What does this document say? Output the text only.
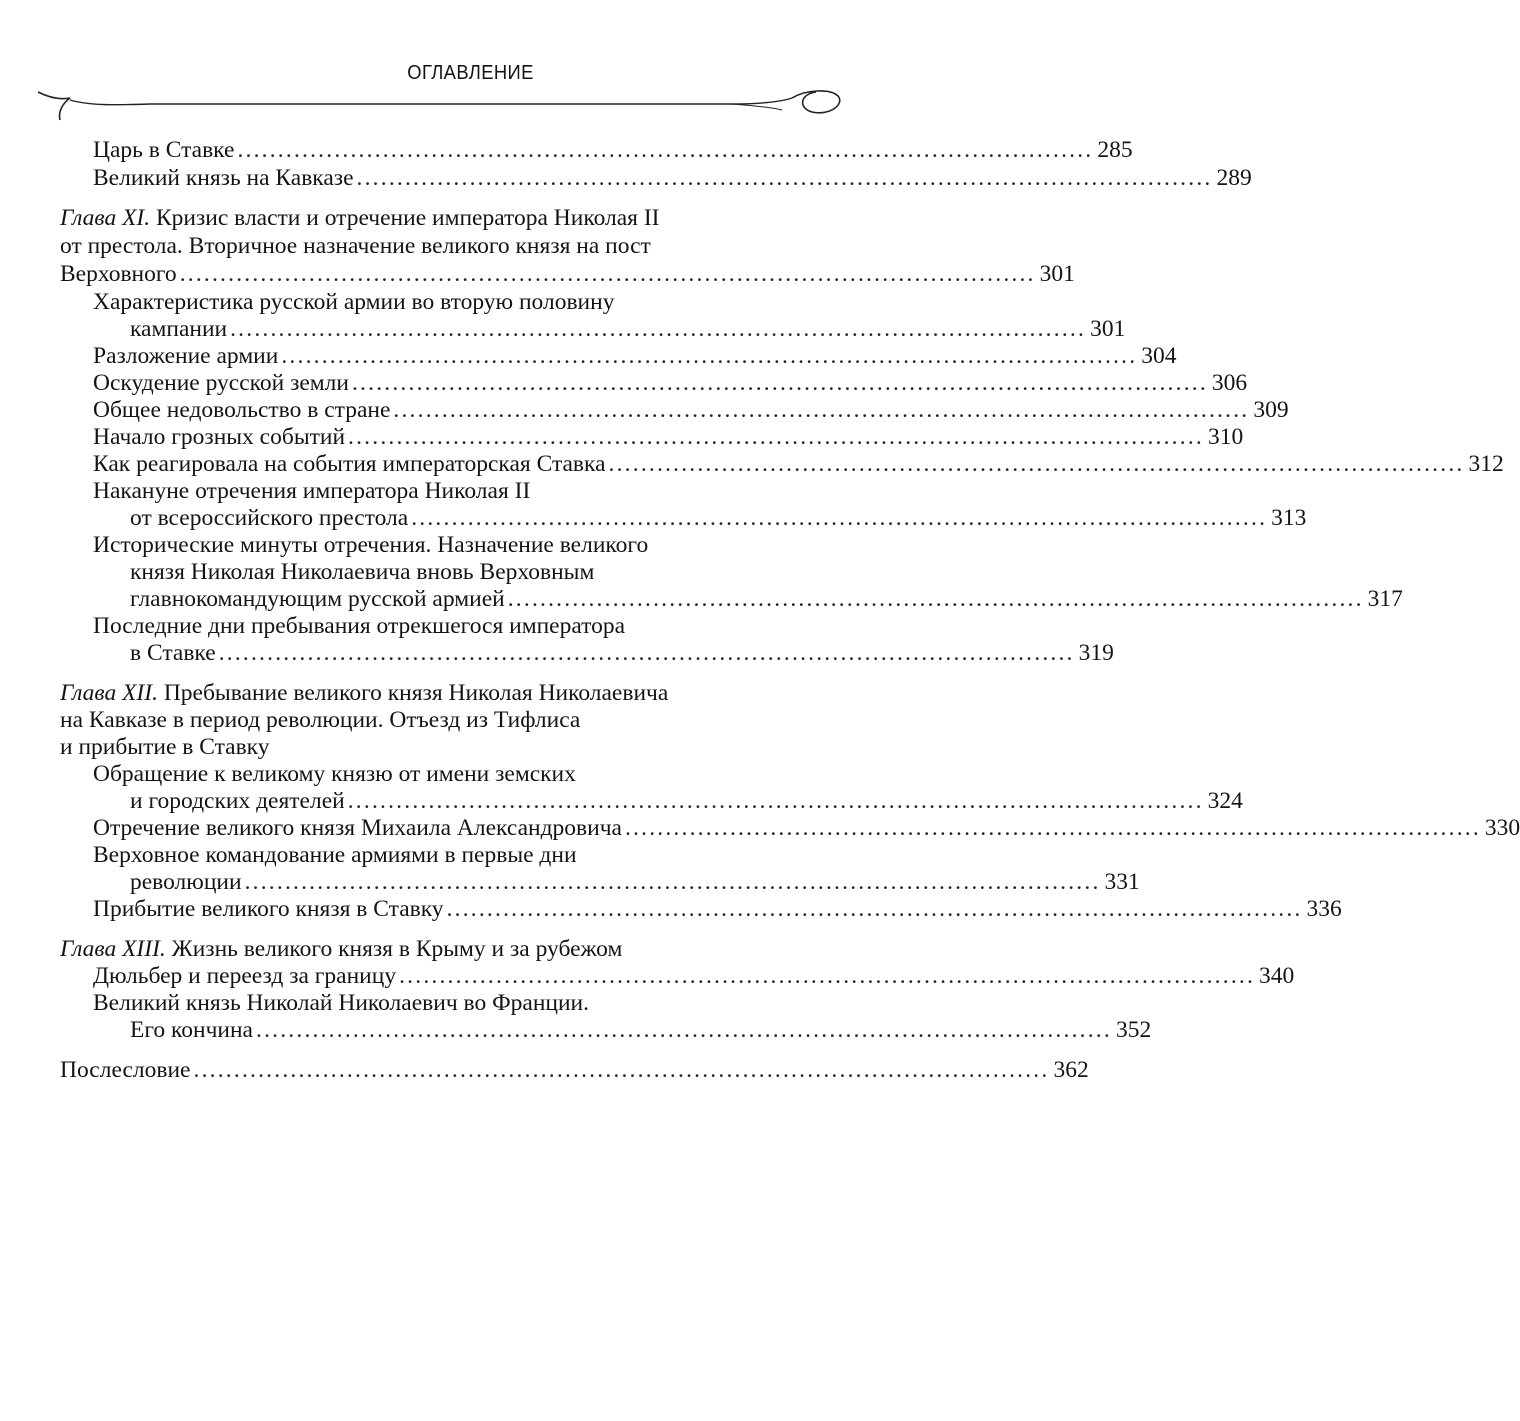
ОГЛАВЛЕНИЕ
Царь в Ставке .......................................................................................................... 285
Великий князь на Кавказе .......................................................................................................... 289
Глава XI. Кризис власти и отречение императора Николая II
от престола. Вторичное назначение великого князя на пост
Верховного .......................................................................................................... 301
Характеристика русской армии во вторую половину
кампании .......................................................................................................... 301
Разложение армии .......................................................................................................... 304
Оскудение русской земли .......................................................................................................... 306
Общее недовольство в стране .......................................................................................................... 309
Начало грозных событий .......................................................................................................... 310
Как реагировала на события императорская Ставка .......................................................................................................... 312
Накануне отречения императора Николая II
от всероссийского престола .......................................................................................................... 313
Исторические минуты отречения. Назначение великого
князя Николая Николаевича вновь Верховным
главнокомандующим русской армией .......................................................................................................... 317
Последние дни пребывания отрекшегося императора
в Ставке .......................................................................................................... 319
Глава XII. Пребывание великого князя Николая Николаевича
на Кавказе в период революции. Отъезд из Тифлиса
и прибытие в Ставку
Обращение к великому князю от имени земских
и городских деятелей .......................................................................................................... 324
Отречение великого князя Михаила Александровича .......................................................................................................... 330
Верховное командование армиями в первые дни
революции .......................................................................................................... 331
Прибытие великого князя в Ставку .......................................................................................................... 336
Глава XIII. Жизнь великого князя в Крыму и за рубежом
Дюльбер и переезд за границу .......................................................................................................... 340
Великий князь Николай Николаевич во Франции.
Его кончина .......................................................................................................... 352
Послесловие .......................................................................................................... 362
